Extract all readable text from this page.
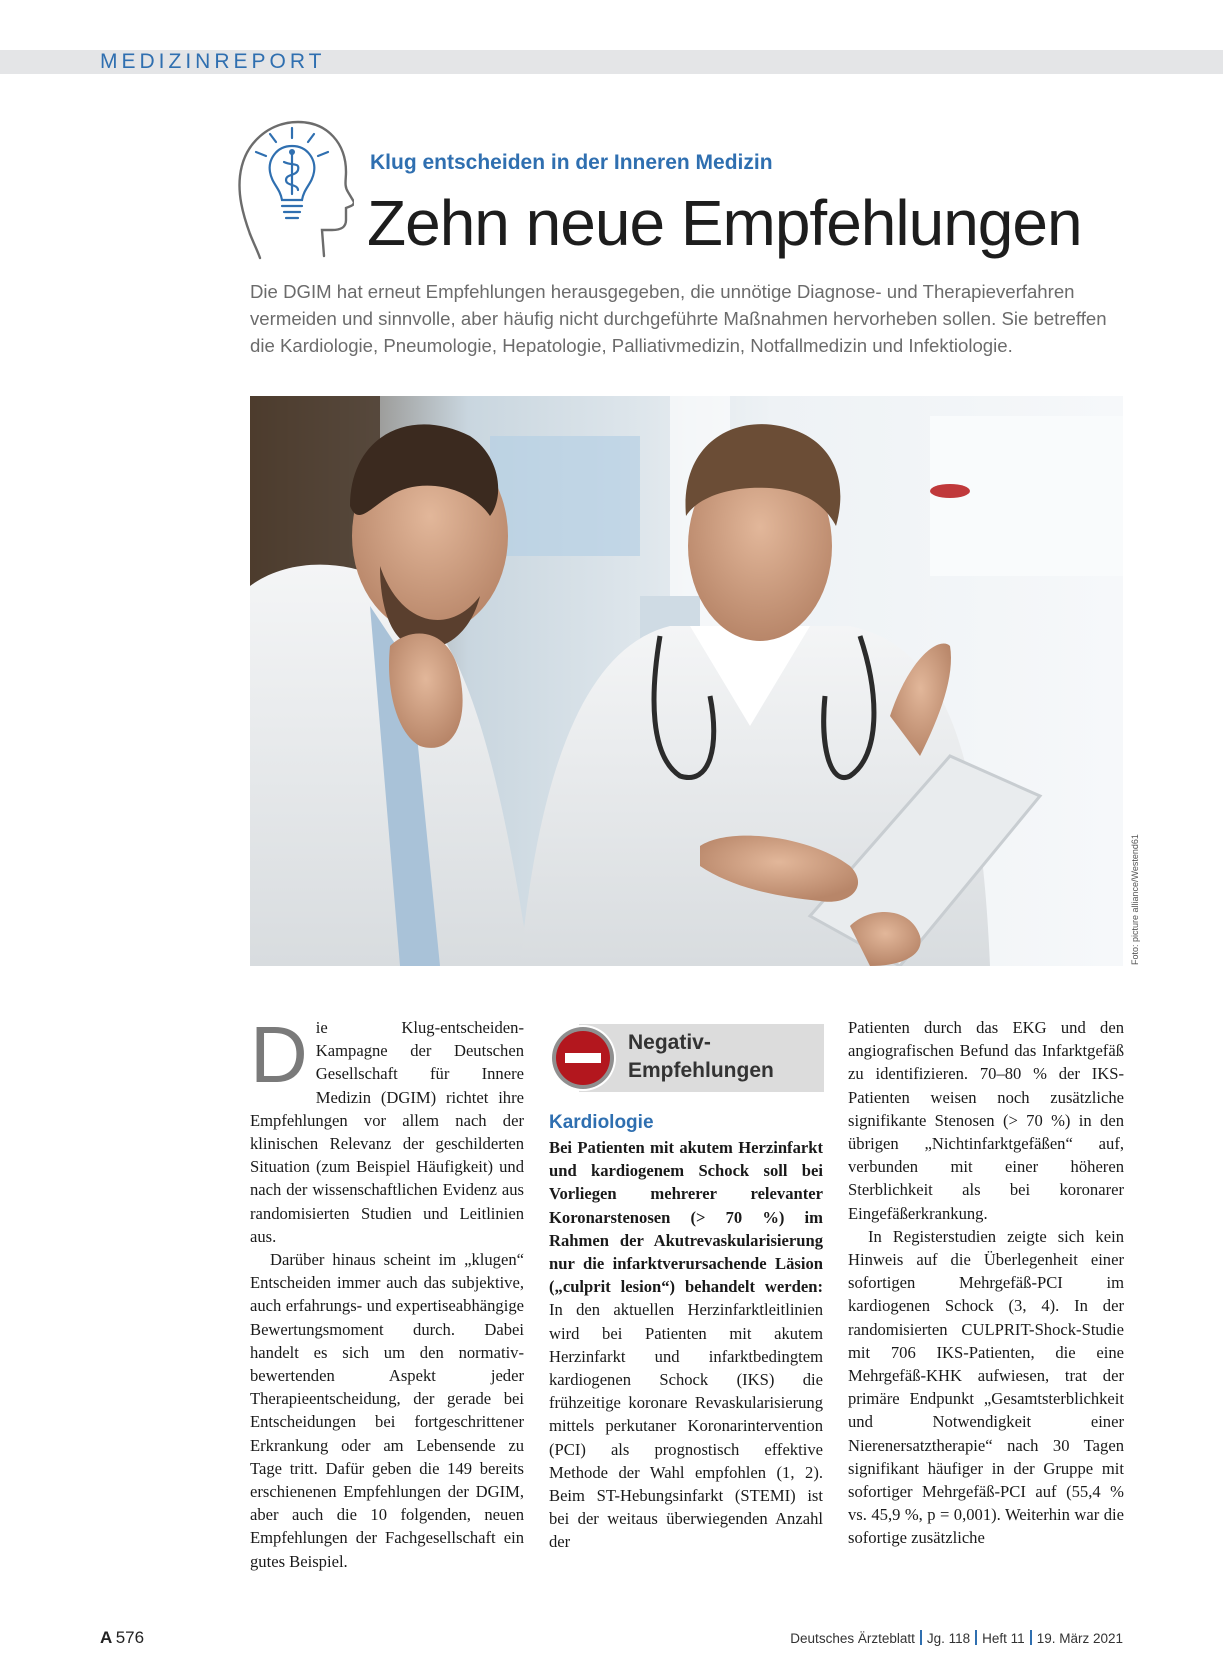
MEDIZINREPORT
Klug entscheiden in der Inneren Medizin
Zehn neue Empfehlungen
Die DGIM hat erneut Empfehlungen herausgegeben, die unnötige Diagnose- und Therapieverfahren vermeiden und sinnvolle, aber häufig nicht durchgeführte Maßnahmen hervorheben sollen. Sie betreffen die Kardiologie, Pneumologie, Hepatologie, Palliativmedizin, Notfallmedizin und Infektiologie.
Foto: picture alliance/Westend61
D ie Klug-entscheiden-Kampagne der Deutschen Gesellschaft für Innere Medizin (DGIM) richtet ihre Empfehlungen vor allem nach der klinischen Relevanz der geschilderten Situation (zum Beispiel Häufigkeit) und nach der wissenschaftlichen Evidenz aus randomisierten Studien und Leitlinien aus.

Darüber hinaus scheint im „klugen“ Entscheiden immer auch das subjektive, auch erfahrungs- und expertiseabhängige Bewertungsmoment durch. Dabei handelt es sich um den normativ-bewertenden Aspekt jeder Therapieentscheidung, der gerade bei Entscheidungen bei fortgeschrittener Erkrankung oder am Lebensende zu Tage tritt. Dafür geben die 149 bereits erschienenen Empfehlungen der DGIM, aber auch die 10 folgenden, neuen Empfehlungen der Fachgesellschaft ein gutes Beispiel.

Negativ-
Empfehlungen
Kardiologie

Bei Patienten mit akutem Herzinfarkt und kardiogenem Schock soll bei Vorliegen mehrerer relevanter Koronarstenosen (> 70 %) im Rahmen der Akutrevaskularisierung nur die infarktverursachende Läsion („culprit lesion“) behandelt werden: In den aktuellen Herzinfarktleitlinien wird bei Patienten mit akutem Herzinfarkt und infarktbedingtem kardiogenen Schock (IKS) die frühzeitige koronare Revaskularisierung mittels perkutaner Koronarintervention (PCI) als prognostisch effektive Methode der Wahl empfohlen (1, 2). Beim ST-Hebungsinfarkt (STEMI) ist bei der weitaus überwiegenden Anzahl der

Patienten durch das EKG und den angiografischen Befund das Infarktgefäß zu identifizieren. 70–80 % der IKS-Patienten weisen noch zusätzliche signifikante Stenosen (> 70 %) in den übrigen „Nichtinfarktgefäßen“ auf, verbunden mit einer höheren Sterblichkeit als bei koronarer Eingefäßerkrankung.

In Registerstudien zeigte sich kein Hinweis auf die Überlegenheit einer sofortigen Mehrgefäß-PCI im kardiogenen Schock (3, 4). In der randomisierten CULPRIT-Shock-Studie mit 706 IKS-Patienten, die eine Mehrgefäß-KHK aufwiesen, trat der primäre Endpunkt „Gesamtsterblichkeit und Notwendigkeit einer Nierenersatztherapie“ nach 30 Tagen signifikant häufiger in der Gruppe mit sofortiger Mehrgefäß-PCI auf (55,4 % vs. 45,9 %, p = 0,001). Weiterhin war die sofortige zusätzliche

A  576	Deutsches Ärzteblatt Jg. 118 Heft 11 19. März 2021
